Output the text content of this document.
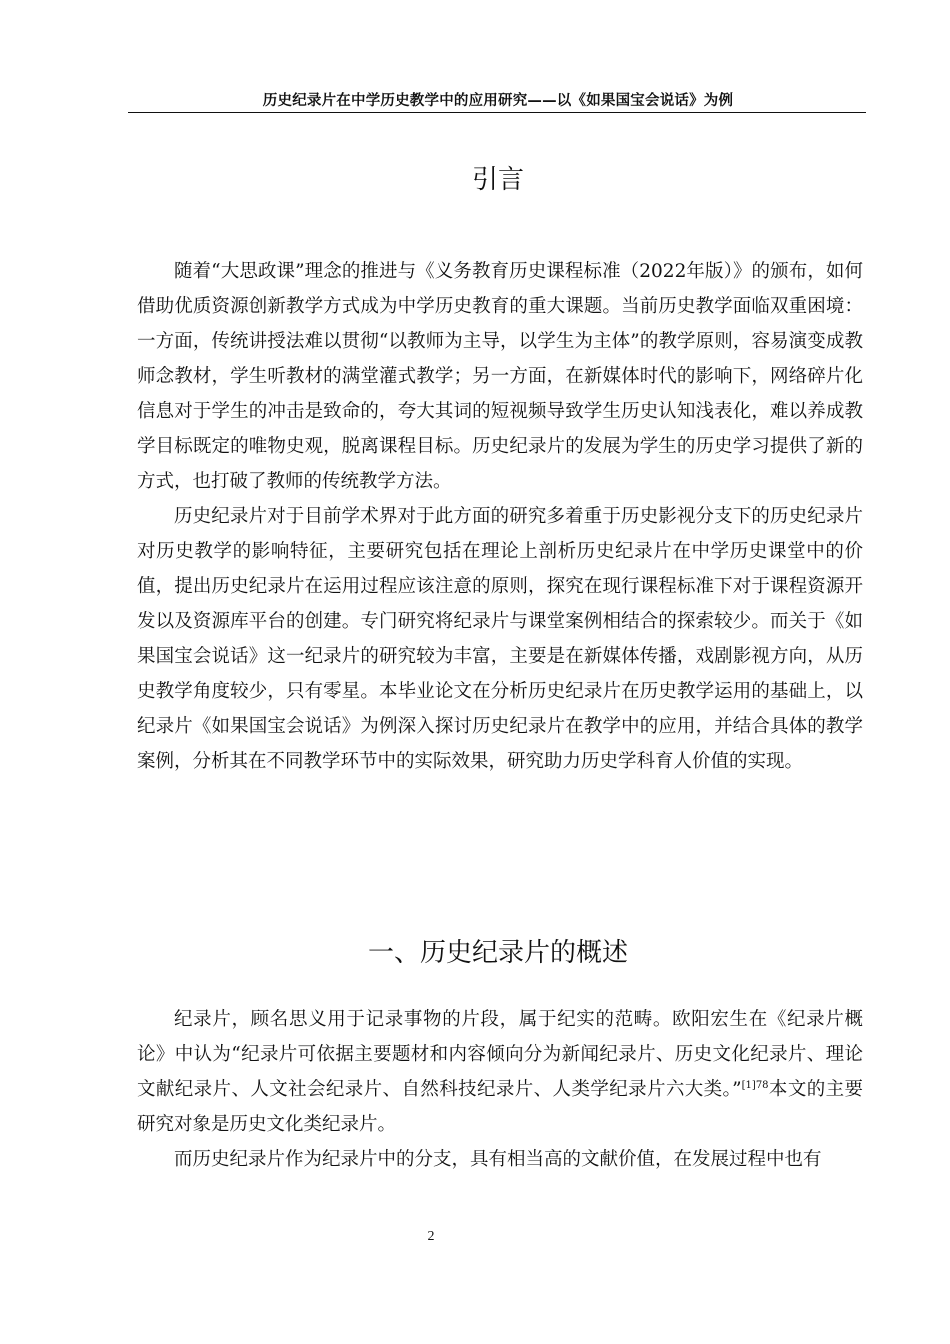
历史纪录片在中学历史教学中的应用研究——以《如果国宝会说话》为例
引言

随着“大思政课”理念的推进与《义务教育历史课程标准（2022年版）》的颁布，如何借助优质资源创新教学方式成为中学历史教育的重大课题。当前历史教学面临双重困境：一方面，传统讲授法难以贯彻“以教师为主导，以学生为主体”的教学原则，容易演变成教师念教材，学生听教材的满堂灌式教学；另一方面，在新媒体时代的影响下，网络碎片化信息对于学生的冲击是致命的，夸大其词的短视频导致学生历史认知浅表化，难以养成教学目标既定的唯物史观，脱离课程目标。历史纪录片的发展为学生的历史学习提供了新的方式，也打破了教师的传统教学方法。

历史纪录片对于目前学术界对于此方面的研究多着重于历史影视分支下的历史纪录片对历史教学的影响特征，主要研究包括在理论上剖析历史纪录片在中学历史课堂中的价值，提出历史纪录片在运用过程应该注意的原则，探究在现行课程标准下对于课程资源开发以及资源库平台的创建。专门研究将纪录片与课堂案例相结合的探索较少。而关于《如果国宝会说话》这一纪录片的研究较为丰富，主要是在新媒体传播，戏剧影视方向，从历史教学角度较少，只有零星。本毕业论文在分析历史纪录片在历史教学运用的基础上，以纪录片《如果国宝会说话》为例深入探讨历史纪录片在教学中的应用，并结合具体的教学案例，分析其在不同教学环节中的实际效果，研究助力历史学科育人价值的实现。

一、历史纪录片的概述

纪录片，顾名思义用于记录事物的片段，属于纪实的范畴。欧阳宏生在《纪录片概论》中认为“纪录片可依据主要题材和内容倾向分为新闻纪录片、历史文化纪录片、理论文献纪录片、人文社会纪录片、自然科技纪录片、人类学纪录片六大类。”$^{[1]78}$本文的主要研究对象是历史文化类纪录片。

而历史纪录片作为纪录片中的分支，具有相当高的文献价值，在发展过程中也有

2
